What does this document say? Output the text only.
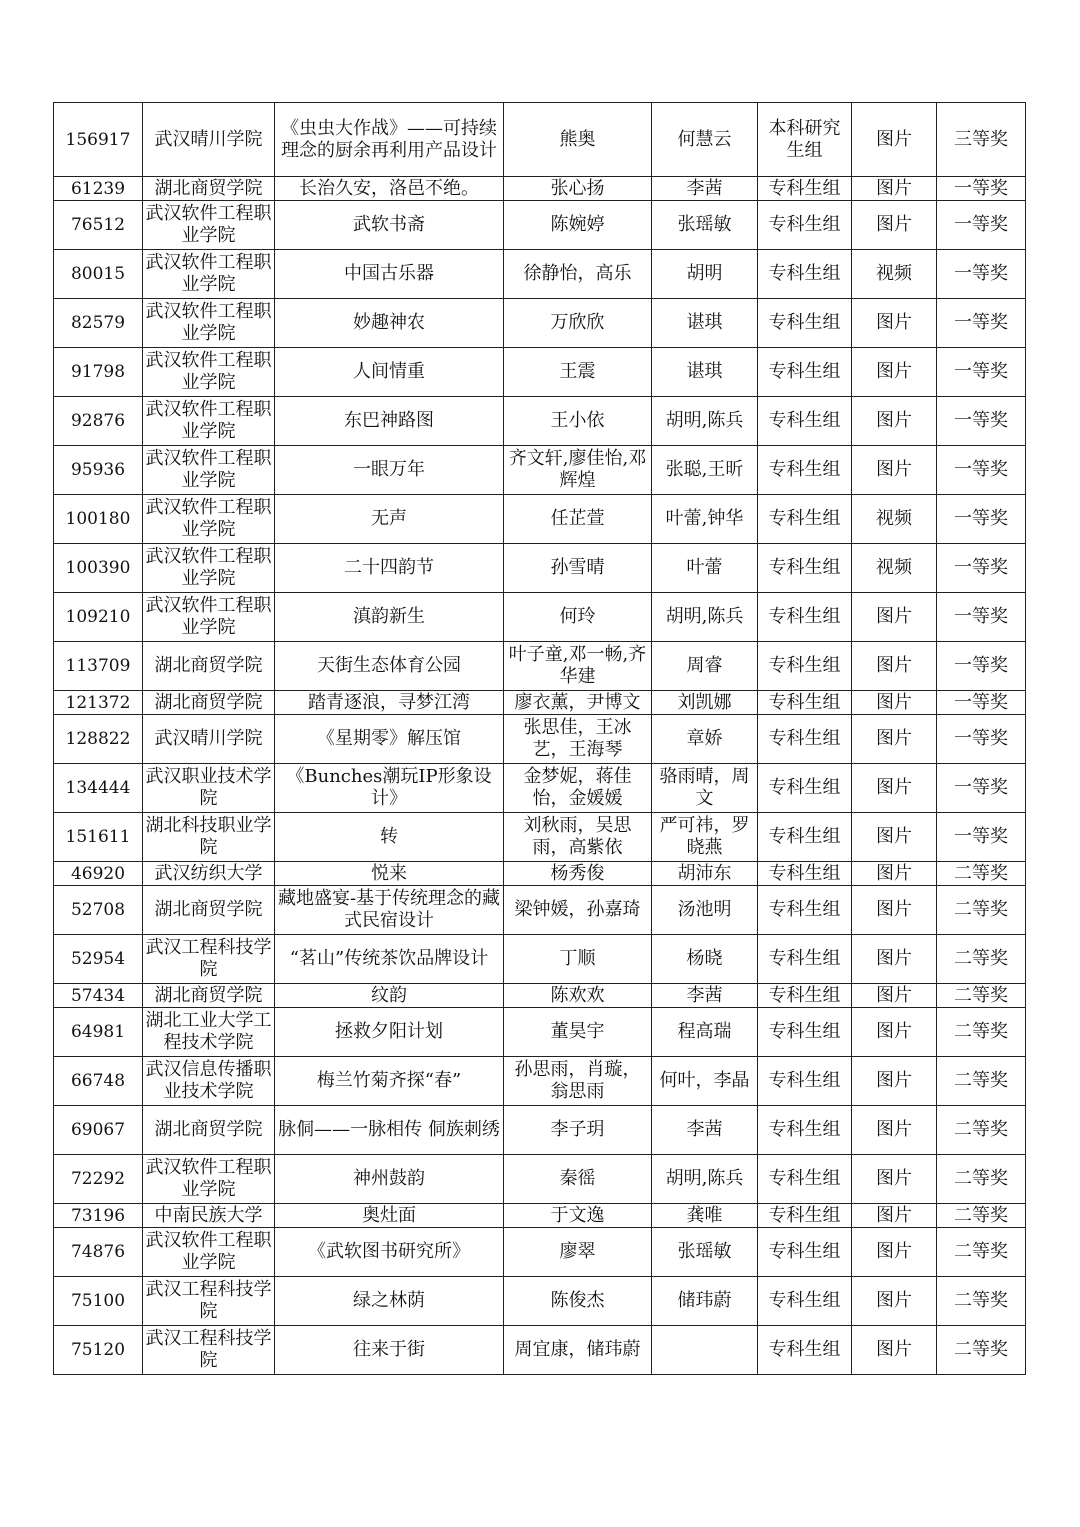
156917	武汉晴川学院	《虫虫大作战》——可持续理念的厨余再利用产品设计	熊奥	何慧云	本科研究生组	图片	三等奖
61239	湖北商贸学院	长治久安，洛邑不绝。	张心扬	李茜	专科生组	图片	一等奖
76512	武汉软件工程职业学院	武软书斋	陈婉婷	张瑶敏	专科生组	图片	一等奖
80015	武汉软件工程职业学院	中国古乐器	徐静怡，高乐	胡明	专科生组	视频	一等奖
82579	武汉软件工程职业学院	妙趣神农	万欣欣	谌琪	专科生组	图片	一等奖
91798	武汉软件工程职业学院	人间情重	王震	谌琪	专科生组	图片	一等奖
92876	武汉软件工程职业学院	东巴神路图	王小依	胡明,陈兵	专科生组	图片	一等奖
95936	武汉软件工程职业学院	一眼万年	齐文轩,廖佳怡,邓辉煌	张聪,王昕	专科生组	图片	一等奖
100180	武汉软件工程职业学院	无声	任芷萱	叶蕾,钟华	专科生组	视频	一等奖
100390	武汉软件工程职业学院	二十四韵节	孙雪晴	叶蕾	专科生组	视频	一等奖
109210	武汉软件工程职业学院	滇韵新生	何玲	胡明,陈兵	专科生组	图片	一等奖
113709	湖北商贸学院	天街生态体育公园	叶子童,邓一畅,齐华建	周睿	专科生组	图片	一等奖
121372	湖北商贸学院	踏青逐浪，寻梦江湾	廖衣薰，尹博文	刘凯娜	专科生组	图片	一等奖
128822	武汉晴川学院	《星期零》解压馆	张思佳，王冰艺，王海琴	章娇	专科生组	图片	一等奖
134444	武汉职业技术学院	《Bunches潮玩IP形象设计》	金梦妮，蒋佳怡，金媛媛	骆雨晴，周文	专科生组	图片	一等奖
151611	湖北科技职业学院	转	刘秋雨，吴思雨，高紫依	严可祎，罗晓燕	专科生组	图片	一等奖
46920	武汉纺织大学	悦来	杨秀俊	胡沛东	专科生组	图片	二等奖
52708	湖北商贸学院	藏地盛宴-基于传统理念的藏式民宿设计	梁钟媛，孙嘉琦	汤池明	专科生组	图片	二等奖
52954	武汉工程科技学院	“茗山”传统茶饮品牌设计	丁顺	杨晓	专科生组	图片	二等奖
57434	湖北商贸学院	纹韵	陈欢欢	李茜	专科生组	图片	二等奖
64981	湖北工业大学工程技术学院	拯救夕阳计划	董昊宇	程高瑞	专科生组	图片	二等奖
66748	武汉信息传播职业技术学院	梅兰竹菊齐探“春”	孙思雨，肖璇，翁思雨	何叶，李晶	专科生组	图片	二等奖
69067	湖北商贸学院	脉侗——一脉相传 侗族刺绣	李子玥	李茜	专科生组	图片	二等奖
72292	武汉软件工程职业学院	神州鼓韵	秦徭	胡明,陈兵	专科生组	图片	二等奖
73196	中南民族大学	奥灶面	于文逸	龚唯	专科生组	图片	二等奖
74876	武汉软件工程职业学院	《武软图书研究所》	廖翠	张瑶敏	专科生组	图片	二等奖
75100	武汉工程科技学院	绿之林荫	陈俊杰	储玮蔚	专科生组	图片	二等奖
75120	武汉工程科技学院	往来于街	周宜康，储玮蔚		专科生组	图片	二等奖
